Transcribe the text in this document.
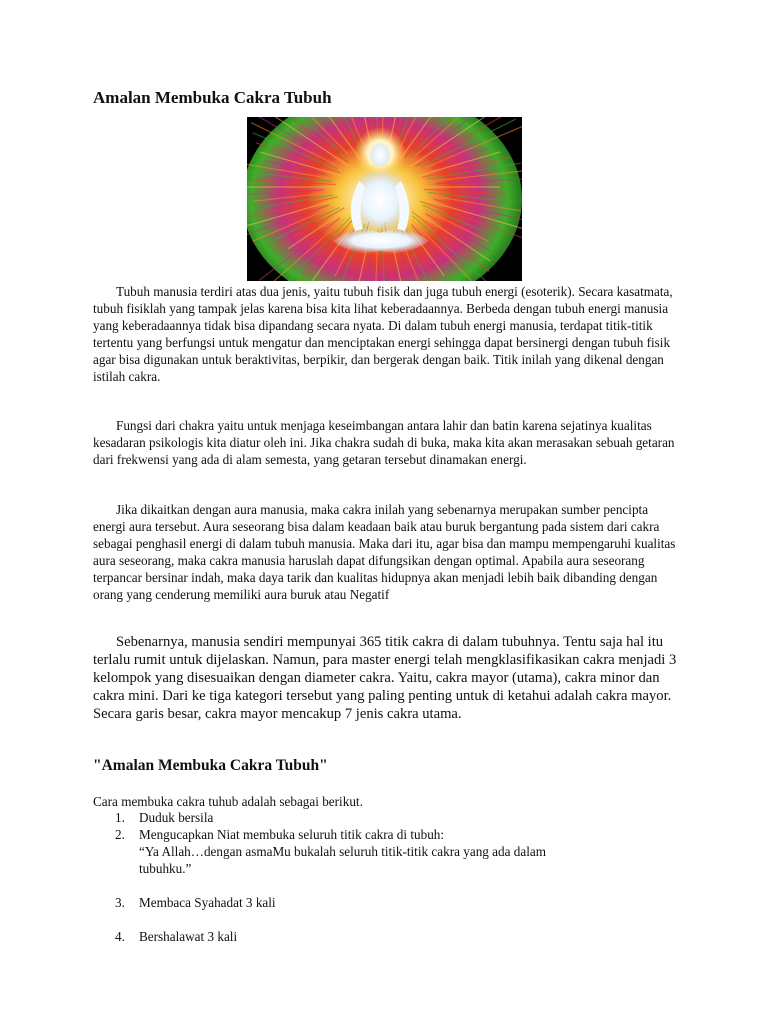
Amalan Membuka Cakra Tubuh

Tubuh manusia terdiri atas dua jenis, yaitu tubuh fisik dan juga tubuh energi (esoterik). Secara kasatmata, tubuh fisiklah yang tampak jelas karena bisa kita lihat keberadaannya. Berbeda dengan tubuh energi manusia yang keberadaannya tidak bisa dipandang secara nyata. Di dalam tubuh energi manusia, terdapat titik-titik tertentu yang berfungsi untuk mengatur dan menciptakan energi sehingga dapat bersinergi dengan tubuh fisik agar bisa digunakan untuk beraktivitas, berpikir, dan bergerak dengan baik. Titik inilah yang dikenal dengan istilah cakra.

Fungsi dari chakra yaitu untuk menjaga keseimbangan antara lahir dan batin karena sejatinya kualitas kesadaran psikologis kita diatur oleh ini. Jika chakra sudah di buka, maka kita akan merasakan sebuah getaran dari frekwensi yang ada di alam semesta, yang getaran tersebut dinamakan energi.

Jika dikaitkan dengan aura manusia, maka cakra inilah yang sebenarnya merupakan sumber pencipta energi aura tersebut. Aura seseorang bisa dalam keadaan baik atau buruk bergantung pada sistem dari cakra sebagai penghasil energi di dalam tubuh manusia. Maka dari itu, agar bisa dan mampu mempengaruhi kualitas aura seseorang, maka cakra manusia haruslah dapat difungsikan dengan optimal. Apabila aura seseorang terpancar bersinar indah, maka daya tarik dan kualitas hidupnya akan menjadi lebih baik dibanding dengan orang yang cenderung memiliki aura buruk atau Negatif

Sebenarnya, manusia sendiri mempunyai 365 titik cakra di dalam tubuhnya. Tentu saja hal itu terlalu rumit untuk dijelaskan. Namun, para master energi telah mengklasifikasikan cakra menjadi 3 kelompok yang disesuaikan dengan diameter cakra. Yaitu, cakra mayor (utama), cakra minor dan cakra mini. Dari ke tiga kategori tersebut yang paling penting untuk di ketahui adalah cakra mayor. Secara garis besar, cakra mayor mencakup 7 jenis cakra utama.

"Amalan Membuka Cakra Tubuh"

Cara membuka cakra tuhub adalah sebagai berikut.

1. Duduk bersila
2. Mengucapkan Niat membuka seluruh titik cakra di tubuh:
“Ya Allah…dengan asmaMu bukalah seluruh titik-titik cakra yang ada dalam tubuhku.”
3. Membaca Syahadat 3 kali
4. Bershalawat 3 kali
